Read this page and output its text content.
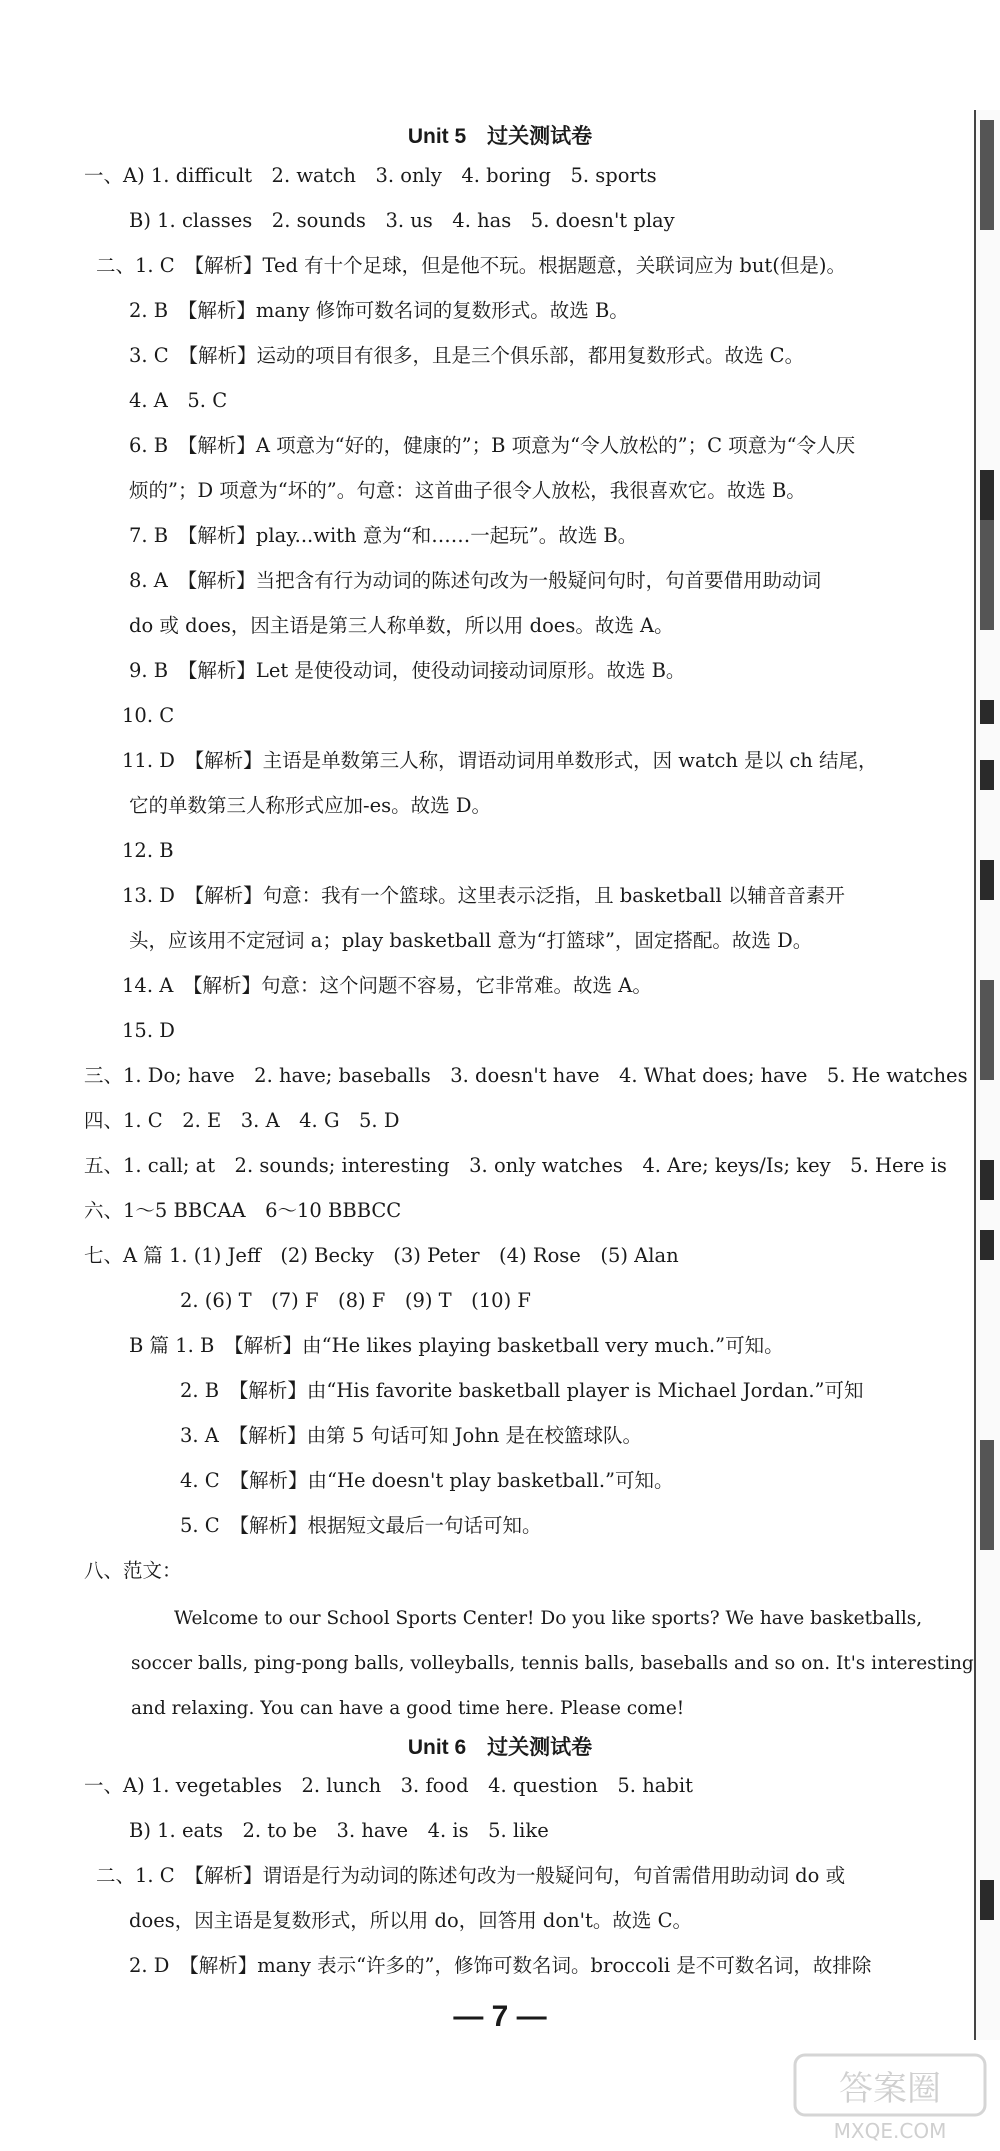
Unit 5　过关测试卷
一、A) 1. difficult　2. watch　3. only　4. boring　5. sports
B) 1. classes　2. sounds　3. us　4. has　5. doesn't play
二、1. C　【解析】Ted 有十个足球，但是他不玩。根据题意，关联词应为 but(但是)。
2. B　【解析】many 修饰可数名词的复数形式。故选 B。
3. C　【解析】运动的项目有很多，且是三个俱乐部，都用复数形式。故选 C。
4. A　5. C
6. B　【解析】A 项意为“好的，健康的”；B 项意为“令人放松的”；C 项意为“令人厌
烦的”；D 项意为“坏的”。句意：这首曲子很令人放松，我很喜欢它。故选 B。
7. B　【解析】play...with 意为“和……一起玩”。故选 B。
8. A　【解析】当把含有行为动词的陈述句改为一般疑问句时，句首要借用助动词
do 或 does，因主语是第三人称单数，所以用 does。故选 A。
9. B　【解析】Let 是使役动词，使役动词接动词原形。故选 B。
10. C
11. D　【解析】主语是单数第三人称，谓语动词用单数形式，因 watch 是以 ch 结尾，
它的单数第三人称形式应加-es。故选 D。
12. B
13. D　【解析】句意：我有一个篮球。这里表示泛指，且 basketball 以辅音音素开
头，应该用不定冠词 a；play basketball 意为“打篮球”，固定搭配。故选 D。
14. A　【解析】句意：这个问题不容易，它非常难。故选 A。
15. D
三、1. Do; have　2. have; baseballs　3. doesn't have　4. What does; have　5. He watches
四、1. C　2. E　3. A　4. G　5. D
五、1. call; at　2. sounds; interesting　3. only watches　4. Are; keys/Is; key　5. Here is
六、1～5 BBCAA　6～10 BBBCC
七、A 篇 1. (1) Jeff　(2) Becky　(3) Peter　(4) Rose　(5) Alan
2. (6) T　(7) F　(8) F　(9) T　(10) F
B 篇 1. B　【解析】由“He likes playing basketball very much.”可知。
2. B　【解析】由“His favorite basketball player is Michael Jordan.”可知
3. A　【解析】由第 5 句话可知 John 是在校篮球队。
4. C　【解析】由“He doesn't play basketball.”可知。
5. C　【解析】根据短文最后一句话可知。
八、范文：
Welcome to our School Sports Center! Do you like sports? We have basketballs,
soccer balls, ping-pong balls, volleyballs, tennis balls, baseballs and so on. It's interesting
and relaxing. You can have a good time here. Please come!
Unit 6　过关测试卷
一、A) 1. vegetables　2. lunch　3. food　4. question　5. habit
B) 1. eats　2. to be　3. have　4. is　5. like
二、1. C　【解析】谓语是行为动词的陈述句改为一般疑问句，句首需借用助动词 do 或
does，因主语是复数形式，所以用 do，回答用 don't。故选 C。
2. D　【解析】many 表示“许多的”，修饰可数名词。broccoli 是不可数名词，故排除
— 7 —
答案圈
MXQE.COM
